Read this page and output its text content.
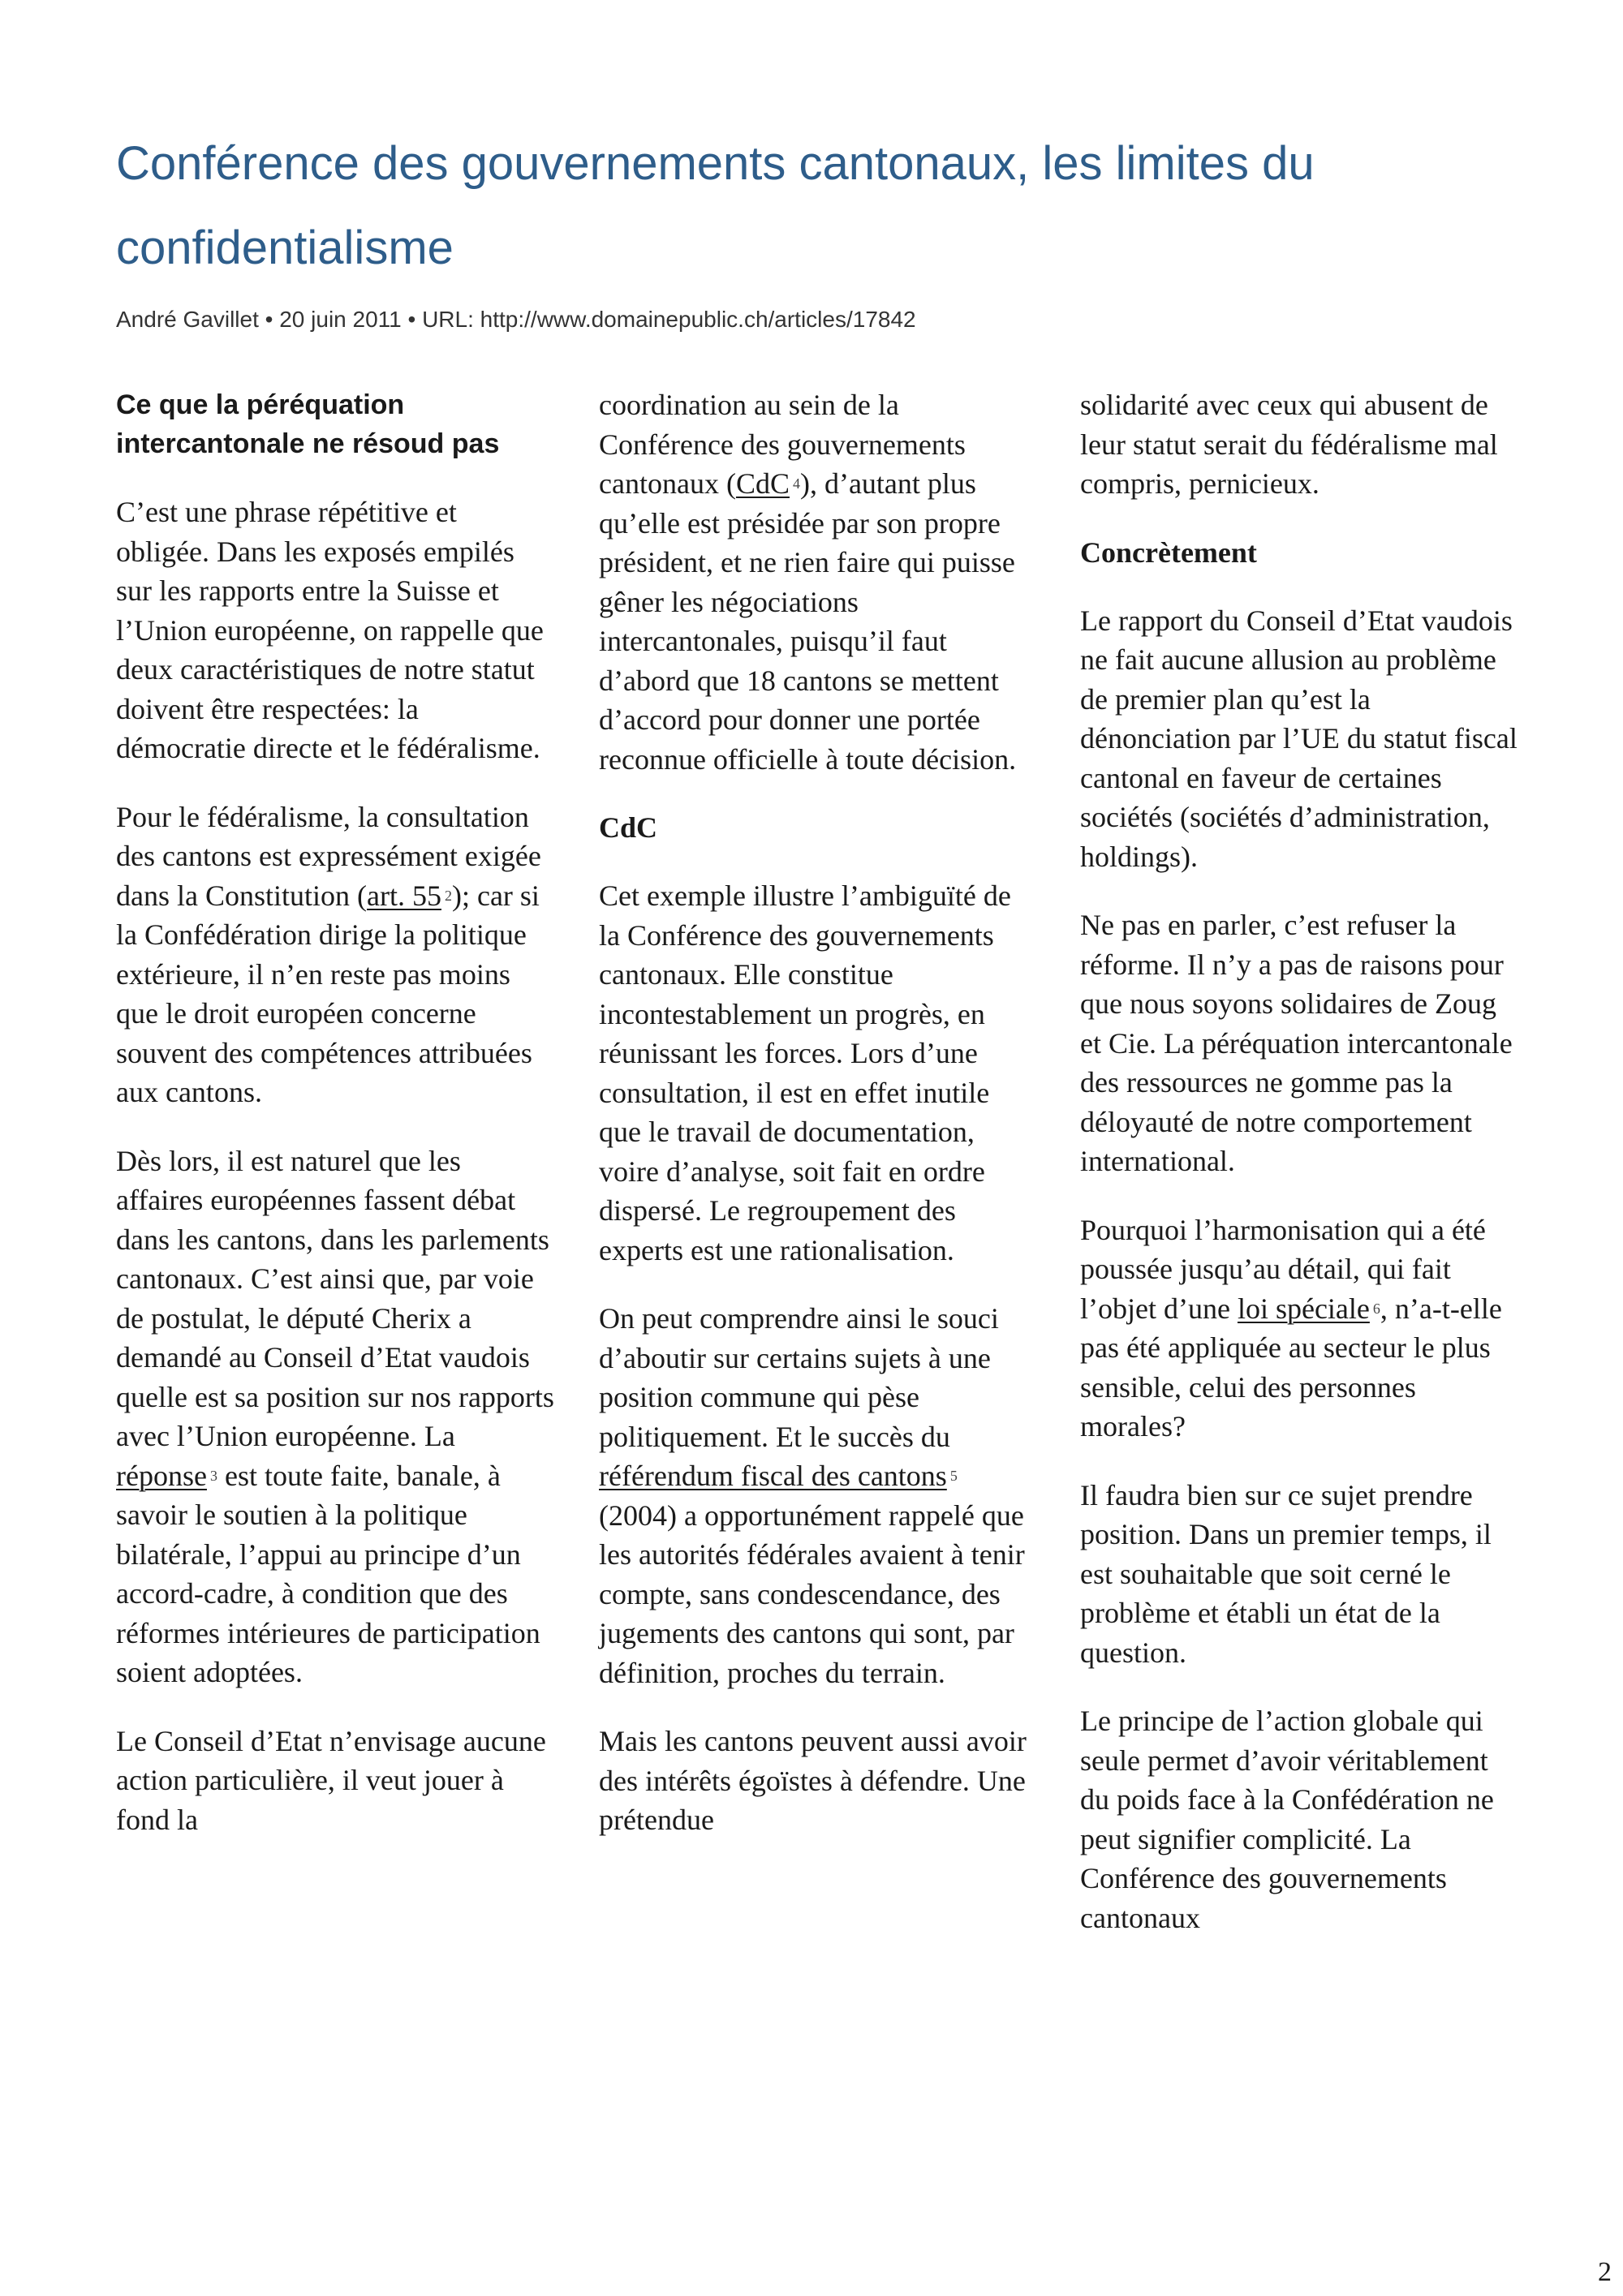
Conférence des gouvernements cantonaux, les limites du confidentialisme
André Gavillet • 20 juin 2011 • URL: http://www.domainepublic.ch/articles/17842
Ce que la péréquation intercantonale ne résoud pas

C’est une phrase répétitive et obligée. Dans les exposés empilés sur les rapports entre la Suisse et l’Union européenne, on rappelle que deux caractéristiques de notre statut doivent être respectées: la démocratie directe et le fédéralisme.

Pour le fédéralisme, la consultation des cantons est expressément exigée dans la Constitution (art. 55 $^2$); car si la Confédération dirige la politique extérieure, il n’en reste pas moins que le droit européen concerne souvent des compétences attribuées aux cantons.

Dès lors, il est naturel que les affaires européennes fassent débat dans les cantons, dans les parlements cantonaux. C’est ainsi que, par voie de postulat, le député Cherix a demandé au Conseil d’Etat vaudois quelle est sa position sur nos rapports avec l’Union européenne. La réponse $^3$ est toute faite, banale, à savoir le soutien à la politique bilatérale, l’appui au principe d’un accord-cadre, à condition que des réformes intérieures de participation soient adoptées.

Le Conseil d’Etat n’envisage aucune action particulière, il veut jouer à fond la

coordination au sein de la Conférence des gouvernements cantonaux (CdC $^4$), d’autant plus qu’elle est présidée par son propre président, et ne rien faire qui puisse gêner les négociations intercantonales, puisqu’il faut d’abord que 18 cantons se mettent d’accord pour donner une portée reconnue officielle à toute décision.

CdC

Cet exemple illustre l’ambiguïté de la Conférence des gouvernements cantonaux. Elle constitue incontestablement un progrès, en réunissant les forces. Lors d’une consultation, il est en effet inutile que le travail de documentation, voire d’analyse, soit fait en ordre dispersé. Le regroupement des experts est une rationalisation.

On peut comprendre ainsi le souci d’aboutir sur certains sujets à une position commune qui pèse politiquement. Et le succès du référendum fiscal des cantons $^5$ (2004) a opportunément rappelé que les autorités fédérales avaient à tenir compte, sans condescendance, des jugements des cantons qui sont, par définition, proches du terrain.

Mais les cantons peuvent aussi avoir des intérêts égoïstes à défendre. Une prétendue

solidarité avec ceux qui abusent de leur statut serait du fédéralisme mal compris, pernicieux.

Concrètement

Le rapport du Conseil d’Etat vaudois ne fait aucune allusion au problème de premier plan qu’est la dénonciation par l’UE du statut fiscal cantonal en faveur de certaines sociétés (sociétés d’administration, holdings).

Ne pas en parler, c’est refuser la réforme. Il n’y a pas de raisons pour que nous soyons solidaires de Zoug et Cie. La péréquation intercantonale des ressources ne gomme pas la déloyauté de notre comportement international.

Pourquoi l’harmonisation qui a été poussée jusqu’au détail, qui fait l’objet d’une loi spéciale $^6$, n’a-t-elle pas été appliquée au secteur le plus sensible, celui des personnes morales?

Il faudra bien sur ce sujet prendre position. Dans un premier temps, il est souhaitable que soit cerné le problème et établi un état de la question.

Le principe de l’action globale qui seule permet d’avoir véritablement du poids face à la Confédération ne peut signifier complicité. La Conférence des gouvernements cantonaux

2
